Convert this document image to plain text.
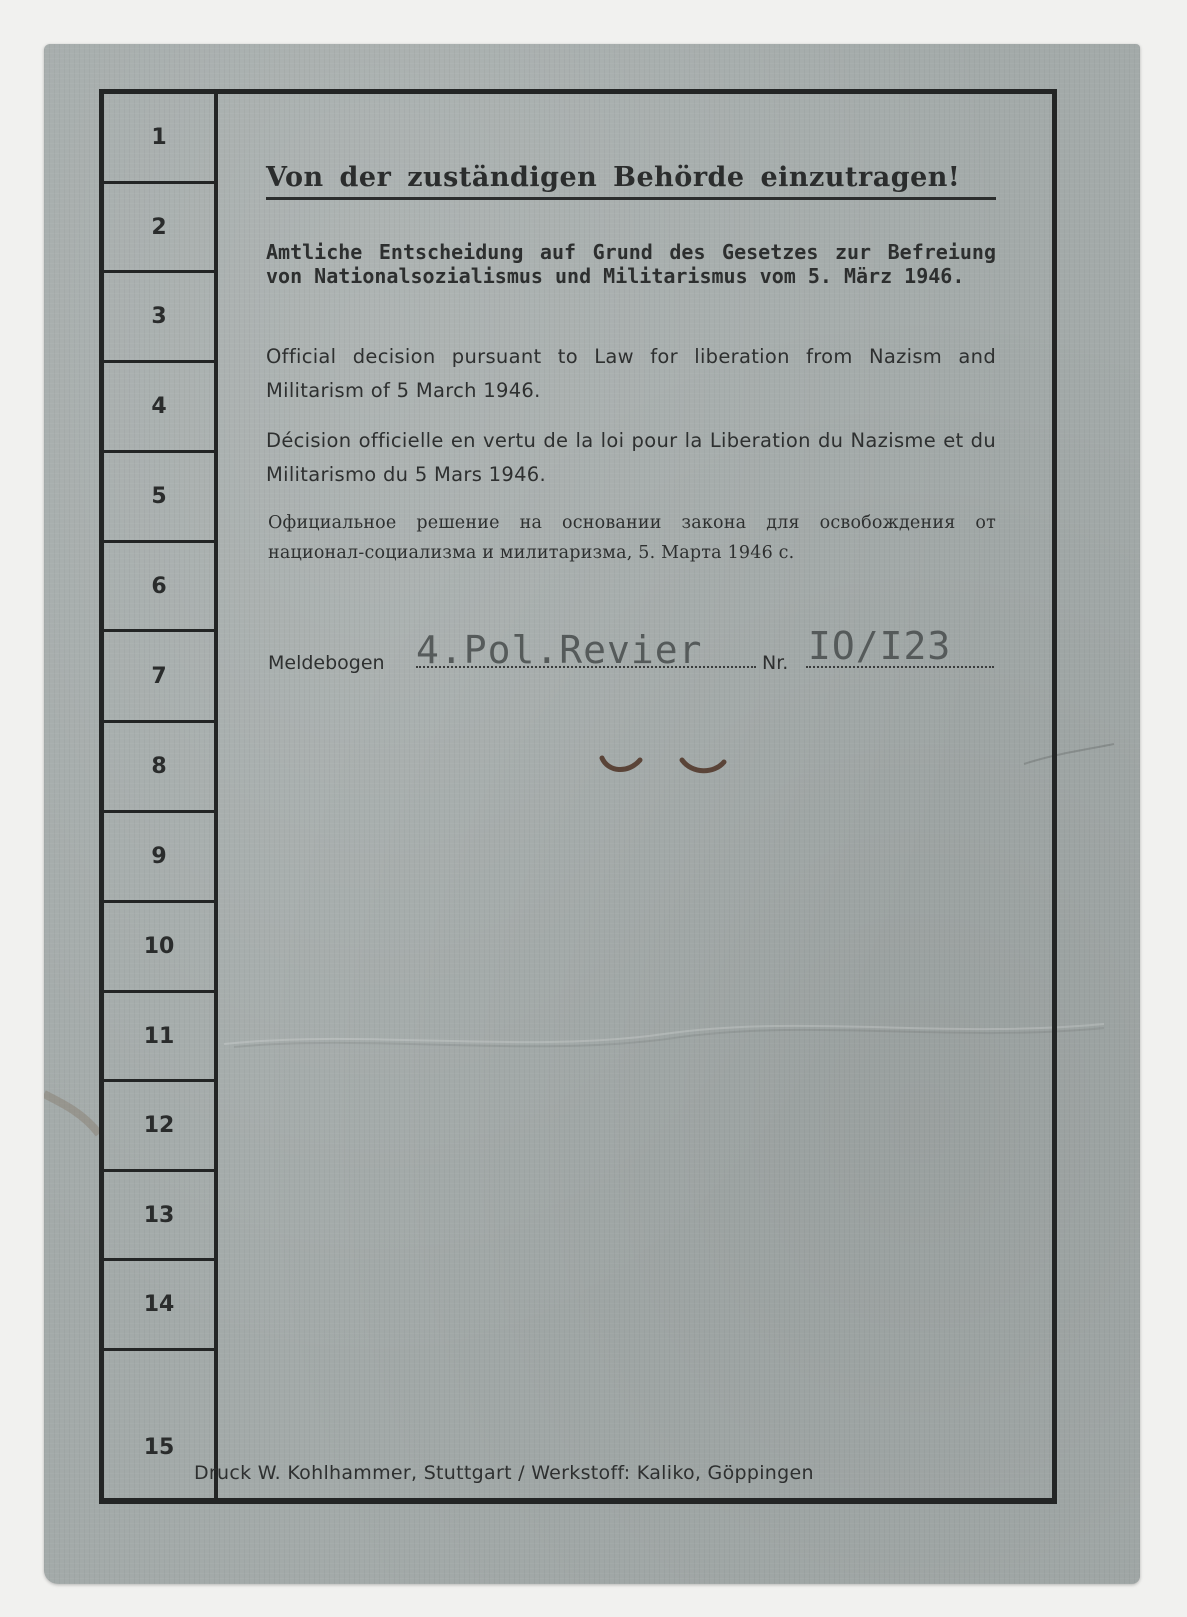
1
2
3
4
5
6
7
8
9
10
11
12
13
14
15
Von der zuständigen Behörde einzutragen!
Amtliche Entscheidung auf Grund des Gesetzes zur Befreiung von Nationalsozialismus und Militarismus vom 5. März 1946.
Official decision pursuant to Law for liberation from Nazism and Militarism of 5 March 1946.
Décision officielle en vertu de la loi pour la Liberation du Nazisme et du Militarismo du 5 Mars 1946.
Официальное решение на основании закона для освобождения от национал-социализма и милитаризма, 5. Марта 1946 с.
4.Pol.Revier	IO/I23
Meldebogen	Nr.
Druck W. Kohlhammer, Stuttgart / Werkstoff: Kaliko, Göppingen
